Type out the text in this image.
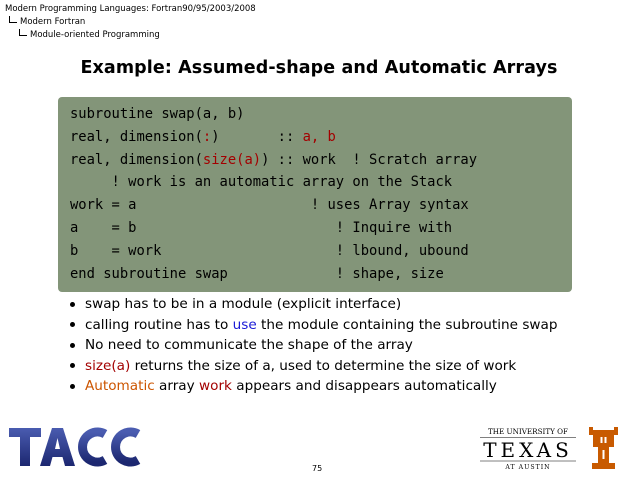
Modern Programming Languages: Fortran90/95/2003/2008
Modern Fortran
Module-oriented Programming
Example: Assumed-shape and Automatic Arrays
subroutine swap(a, b)
real, dimension(:)       :: a, b
real, dimension(size(a)) :: work  ! Scratch array
! work is an automatic array on the Stack
work = a                     ! uses Array syntax
a    = b                        ! Inquire with
b    = work                     ! lbound, ubound
end subroutine swap             ! shape, size
swap has to be in a module (explicit interface)
calling routine has to use the module containing the subroutine swap
No need to communicate the shape of the array
size(a) returns the size of a, used to determine the size of work
Automatic array work appears and disappears automatically
TACC	75
THE UNIVERSITY OF
TEXAS
AT AUSTIN
